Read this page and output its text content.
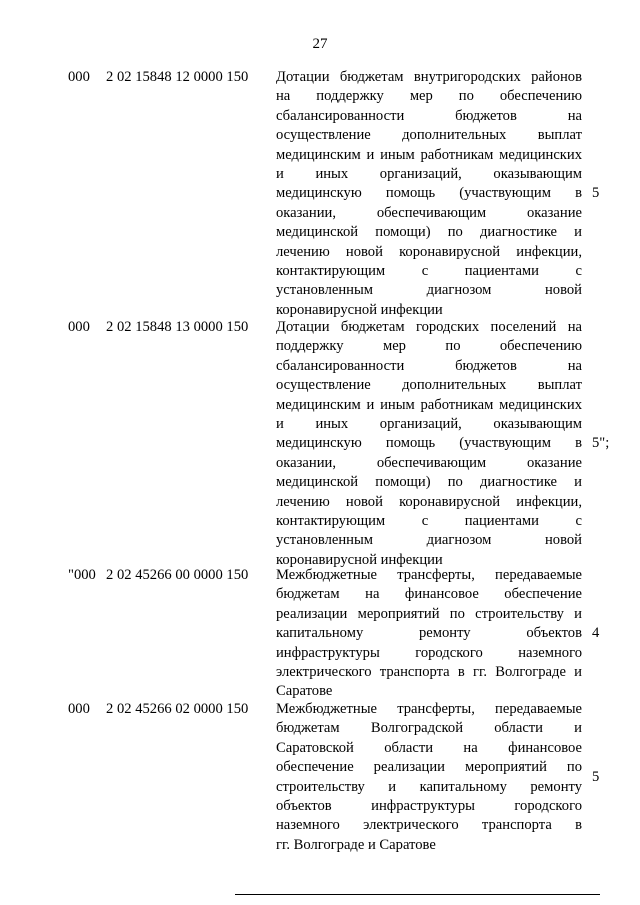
27
000 2 02 15848 12 0000 150 Дотации бюджетам внутригородских районов
на поддержку мер по обеспечению
сбалансированности бюджетов на
осуществление дополнительных выплат
медицинским и иным работникам медицинских
и иных организаций, оказывающим
медицинскую помощь (участвующим в
оказании, обеспечивающим оказание
медицинской помощи) по диагностике и
лечению новой коронавирусной инфекции,
контактирующим с пациентами с
установленным диагнозом новой
коронавирусной инфекции
5
000 2 02 15848 13 0000 150 Дотации бюджетам городских поселений на
поддержку мер по обеспечению
сбалансированности бюджетов на
осуществление дополнительных выплат
медицинским и иным работникам медицинских
и иных организаций, оказывающим
медицинскую помощь (участвующим в
оказании, обеспечивающим оказание
медицинской помощи) по диагностике и
лечению новой коронавирусной инфекции,
контактирующим с пациентами с
установленным диагнозом новой
коронавирусной инфекции
5";
"000 2 02 45266 00 0000 150 Межбюджетные трансферты, передаваемые
бюджетам на финансовое обеспечение
реализации мероприятий по строительству и
капитальному ремонту объектов
инфраструктуры городского наземного
электрического транспорта в гг. Волгограде и
Саратове
4
000 2 02 45266 02 0000 150 Межбюджетные трансферты, передаваемые
бюджетам Волгоградской области и
Саратовской области на финансовое
обеспечение реализации мероприятий по
строительству и капитальному ремонту
объектов инфраструктуры городского
наземного электрического транспорта в
гг. Волгограде и Саратове
5
